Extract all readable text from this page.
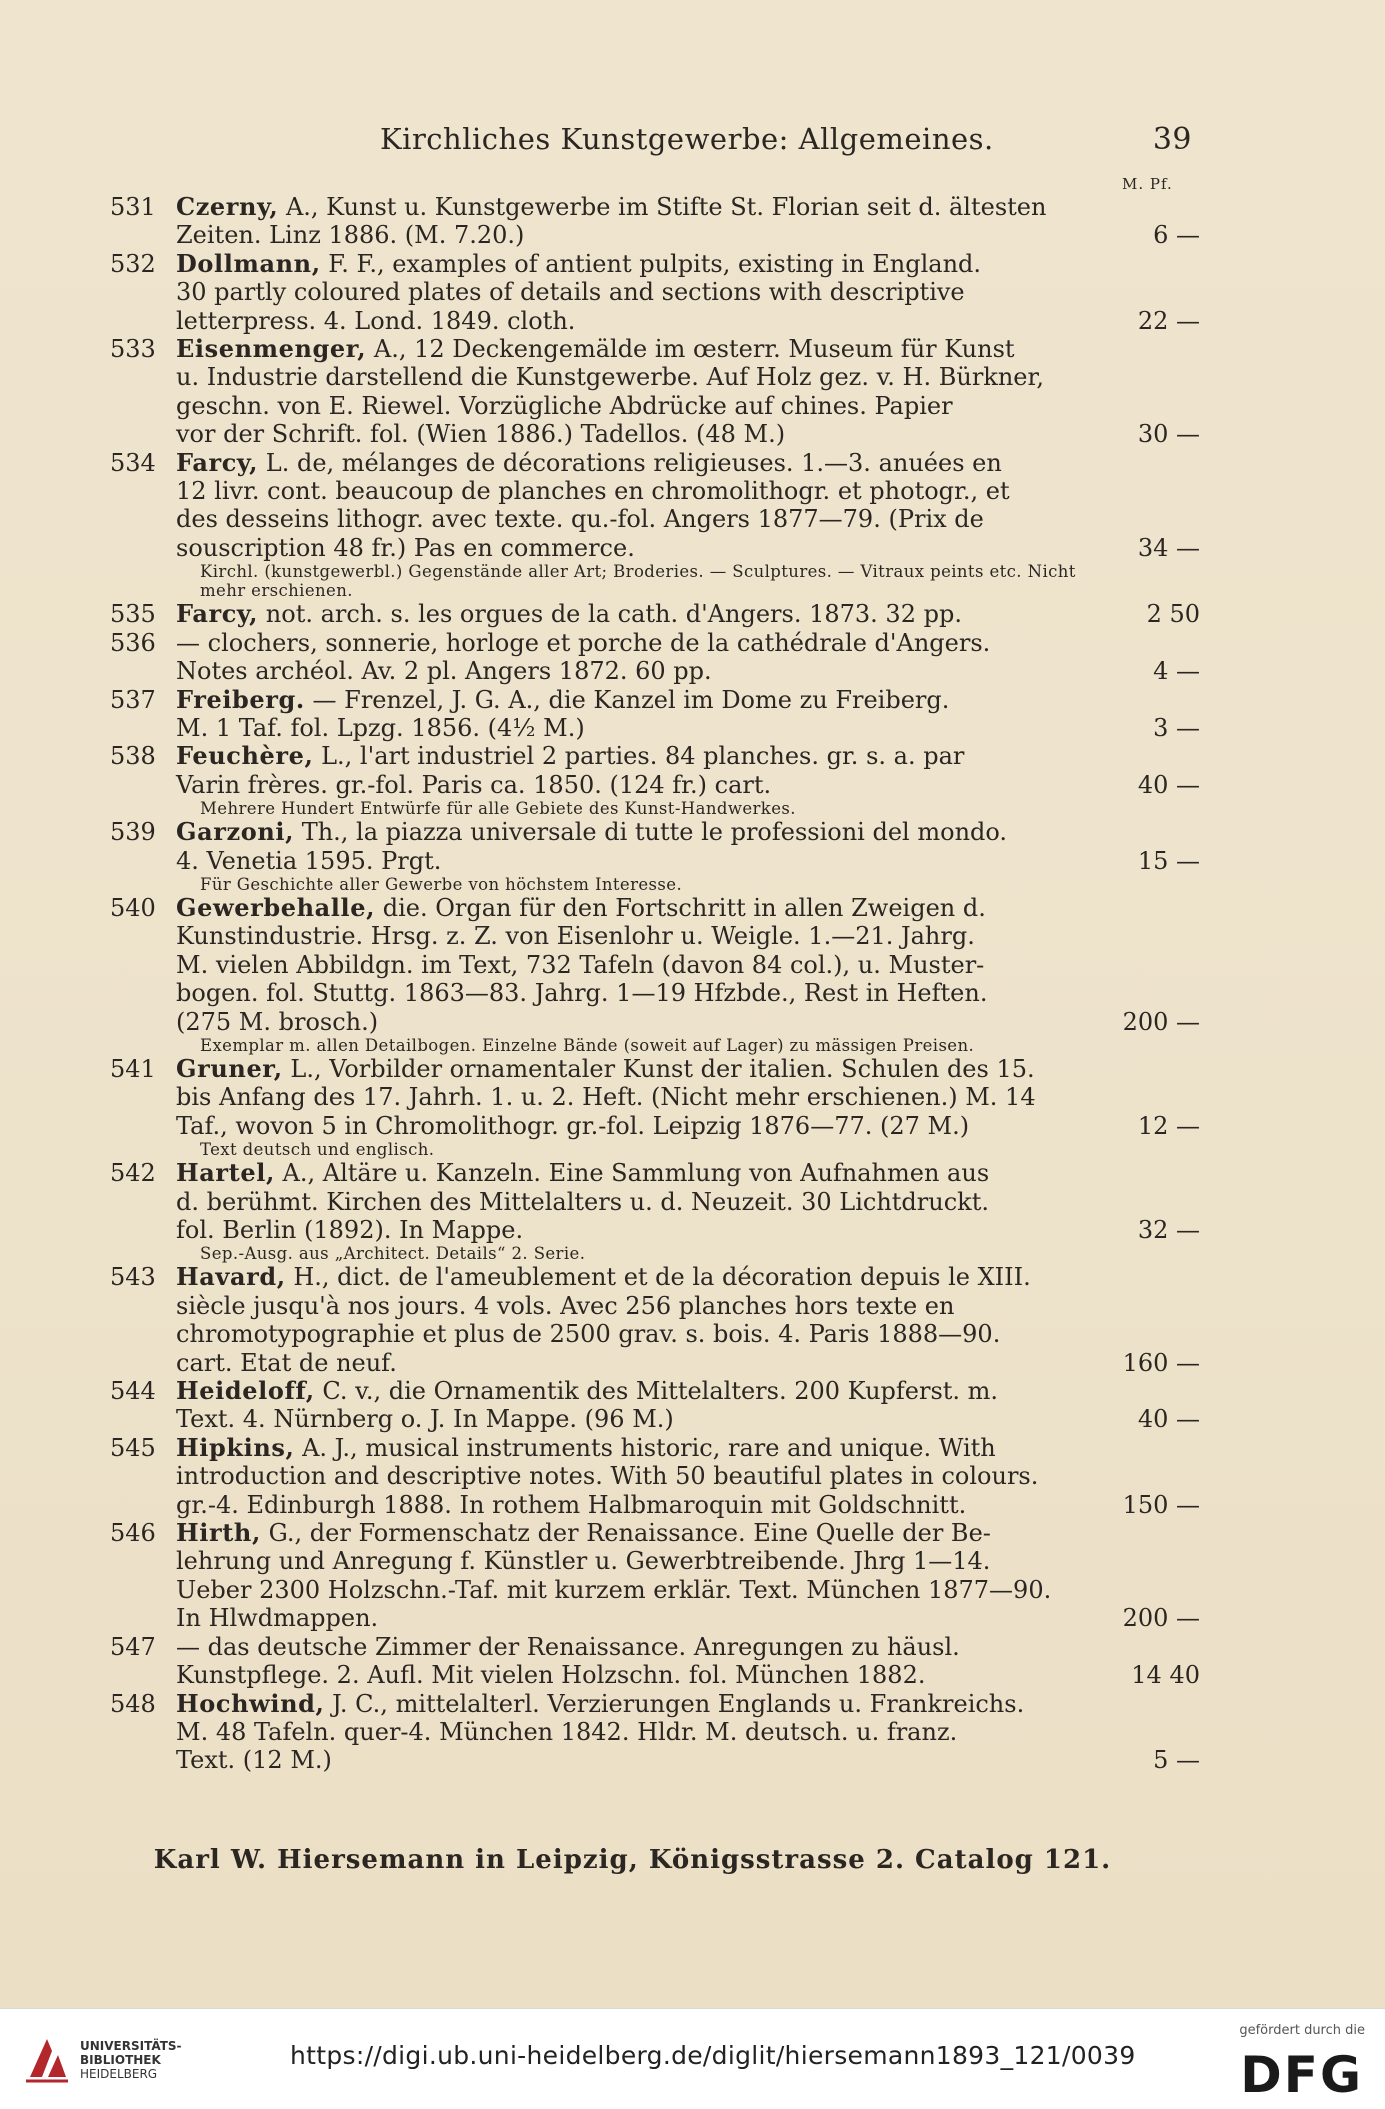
Kirchliches Kunstgewerbe: Allgemeines.	39
M. Pf.
531 Czerny, A., Kunst u. Kunstgewerbe im Stifte St. Florian seit d. ältesten
Zeiten. Linz 1886. (M. 7.20.)	6 —
532 Dollmann, F. F., examples of antient pulpits, existing in England.
30 partly coloured plates of details and sections with descriptive
letterpress. 4. Lond. 1849. cloth.	22 —
533 Eisenmenger, A., 12 Deckengemälde im œsterr. Museum für Kunst
u. Industrie darstellend die Kunstgewerbe. Auf Holz gez. v. H. Bürkner,
geschn. von E. Riewel. Vorzügliche Abdrücke auf chines. Papier
vor der Schrift. fol. (Wien 1886.) Tadellos. (48 M.)	30 —
534 Farcy, L. de, mélanges de décorations religieuses. 1.—3. anuées en
12 livr. cont. beaucoup de planches en chromolithogr. et photogr., et
des desseins lithogr. avec texte. qu.-fol. Angers 1877—79. (Prix de
souscription 48 fr.) Pas en commerce.	34 —
Kirchl. (kunstgewerbl.) Gegenstände aller Art; Broderies. — Sculptures. — Vitraux peints etc. Nicht mehr erschienen.
535 Farcy, not. arch. s. les orgues de la cath. d'Angers. 1873. 32 pp.	2 50
536 — clochers, sonnerie, horloge et porche de la cathédrale d'Angers.
Notes archéol. Av. 2 pl. Angers 1872. 60 pp.	4 —
537 Freiberg. — Frenzel, J. G. A., die Kanzel im Dome zu Freiberg.
M. 1 Taf. fol. Lpzg. 1856. (4½ M.)	3 —
538 Feuchère, L., l'art industriel 2 parties. 84 planches. gr. s. a. par
Varin frères. gr.-fol. Paris ca. 1850. (124 fr.) cart.	40 —
Mehrere Hundert Entwürfe für alle Gebiete des Kunst-Handwerkes.
539 Garzoni, Th., la piazza universale di tutte le professioni del mondo.
4. Venetia 1595. Prgt.	15 —
Für Geschichte aller Gewerbe von höchstem Interesse.
540 Gewerbehalle, die. Organ für den Fortschritt in allen Zweigen d.
Kunstindustrie. Hrsg. z. Z. von Eisenlohr u. Weigle. 1.—21. Jahrg.
M. vielen Abbildgn. im Text, 732 Tafeln (davon 84 col.), u. Muster-
bogen. fol. Stuttg. 1863—83. Jahrg. 1—19 Hfzbde., Rest in Heften.
(275 M. brosch.)	200 —
Exemplar m. allen Detailbogen. Einzelne Bände (soweit auf Lager) zu mässigen Preisen.
541 Gruner, L., Vorbilder ornamentaler Kunst der italien. Schulen des 15.
bis Anfang des 17. Jahrh. 1. u. 2. Heft. (Nicht mehr erschienen.) M. 14
Taf., wovon 5 in Chromolithogr. gr.-fol. Leipzig 1876—77. (27 M.)	12 —
Text deutsch und englisch.
542 Hartel, A., Altäre u. Kanzeln. Eine Sammlung von Aufnahmen aus
d. berühmt. Kirchen des Mittelalters u. d. Neuzeit. 30 Lichtdruckt.
fol. Berlin (1892). In Mappe.	32 —
Sep.-Ausg. aus „Architect. Details“ 2. Serie.
543 Havard, H., dict. de l'ameublement et de la décoration depuis le XIII.
siècle jusqu'à nos jours. 4 vols. Avec 256 planches hors texte en
chromotypographie et plus de 2500 grav. s. bois. 4. Paris 1888—90.
cart. Etat de neuf.	160 —
544 Heideloff, C. v., die Ornamentik des Mittelalters. 200 Kupferst. m.
Text. 4. Nürnberg o. J. In Mappe. (96 M.)	40 —
545 Hipkins, A. J., musical instruments historic, rare and unique. With
introduction and descriptive notes. With 50 beautiful plates in colours.
gr.-4. Edinburgh 1888. In rothem Halbmaroquin mit Goldschnitt.	150 —
546 Hirth, G., der Formenschatz der Renaissance. Eine Quelle der Be-
lehrung und Anregung f. Künstler u. Gewerbtreibende. Jhrg 1—14.
Ueber 2300 Holzschn.-Taf. mit kurzem erklär. Text. München 1877—90.
In Hlwdmappen.	200 —
547 — das deutsche Zimmer der Renaissance. Anregungen zu häusl.
Kunstpflege. 2. Aufl. Mit vielen Holzschn. fol. München 1882.	14 40
548 Hochwind, J. C., mittelalterl. Verzierungen Englands u. Frankreichs.
M. 48 Tafeln. quer-4. München 1842. Hldr. M. deutsch. u. franz.
Text. (12 M.)	5 —
Karl W. Hiersemann in Leipzig, Königsstrasse 2. Catalog 121.
UNIVERSITÄTS-
BIBLIOTHEK
HEIDELBERG
https://digi.ub.uni-heidelberg.de/diglit/hiersemann1893_121/0039
gefördert durch die
DFG
